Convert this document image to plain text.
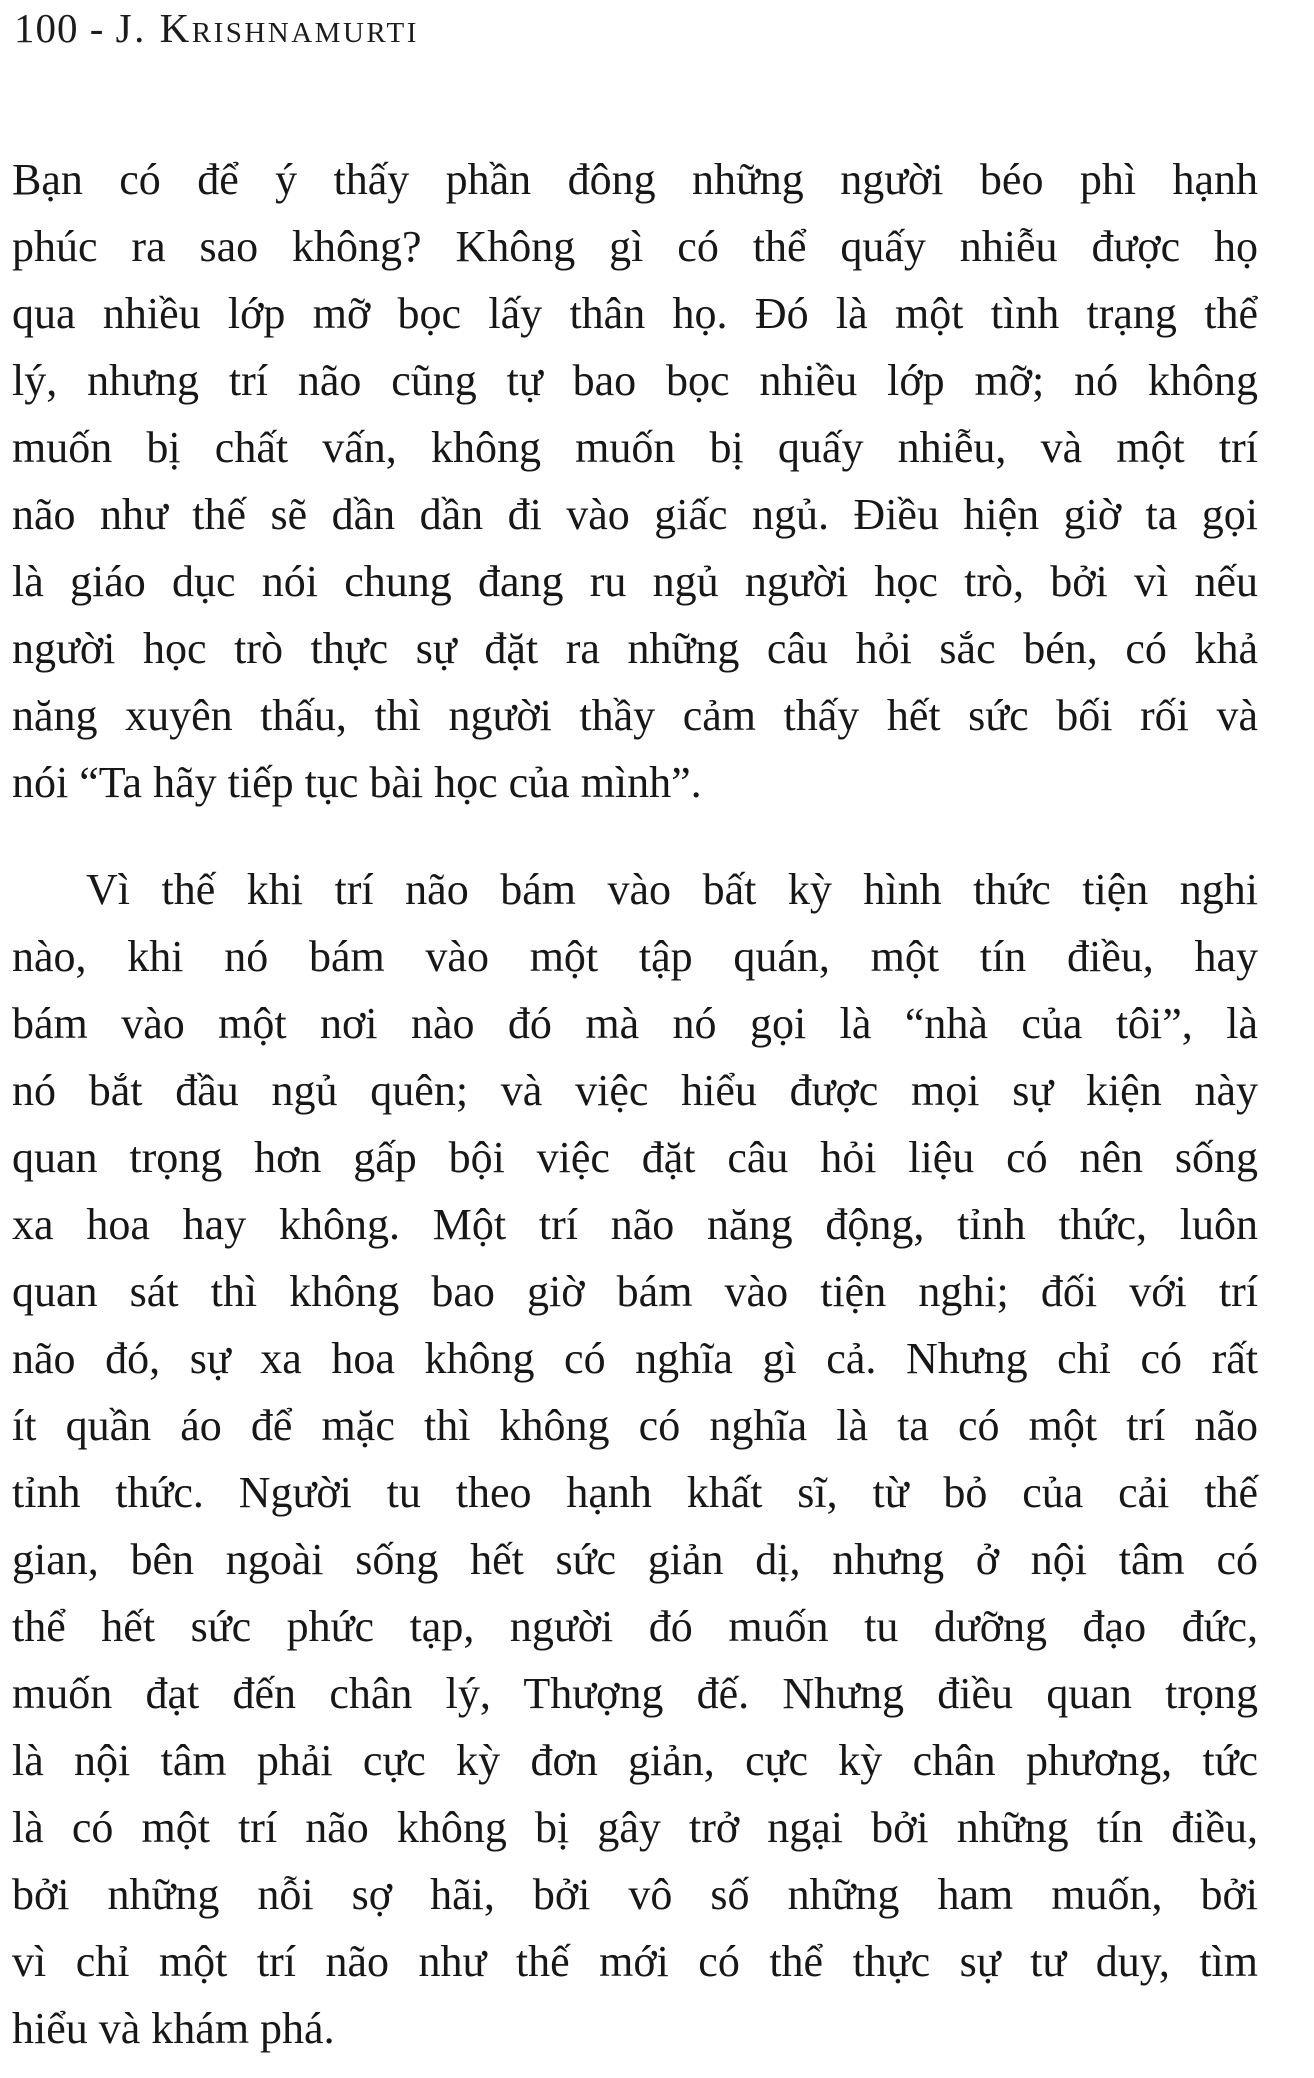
100 - J. Krishnamurti
Bạn có để ý thấy phần đông những người béo phì hạnh
phúc ra sao không? Không gì có thể quấy nhiễu được họ
qua nhiều lớp mỡ bọc lấy thân họ. Đó là một tình trạng thể
lý, nhưng trí não cũng tự bao bọc nhiều lớp mỡ; nó không
muốn bị chất vấn, không muốn bị quấy nhiễu, và một trí
não như thế sẽ dần dần đi vào giấc ngủ. Điều hiện giờ ta gọi
là giáo dục nói chung đang ru ngủ người học trò, bởi vì nếu
người học trò thực sự đặt ra những câu hỏi sắc bén, có khả
năng xuyên thấu, thì người thầy cảm thấy hết sức bối rối và
nói “Ta hãy tiếp tục bài học của mình”.
Vì thế khi trí não bám vào bất kỳ hình thức tiện nghi
nào, khi nó bám vào một tập quán, một tín điều, hay
bám vào một nơi nào đó mà nó gọi là “nhà của tôi”, là
nó bắt đầu ngủ quên; và việc hiểu được mọi sự kiện này
quan trọng hơn gấp bội việc đặt câu hỏi liệu có nên sống
xa hoa hay không. Một trí não năng động, tỉnh thức, luôn
quan sát thì không bao giờ bám vào tiện nghi; đối với trí
não đó, sự xa hoa không có nghĩa gì cả. Nhưng chỉ có rất
ít quần áo để mặc thì không có nghĩa là ta có một trí não
tỉnh thức. Người tu theo hạnh khất sĩ, từ bỏ của cải thế
gian, bên ngoài sống hết sức giản dị, nhưng ở nội tâm có
thể hết sức phức tạp, người đó muốn tu dưỡng đạo đức,
muốn đạt đến chân lý, Thượng đế. Nhưng điều quan trọng
là nội tâm phải cực kỳ đơn giản, cực kỳ chân phương, tức
là có một trí não không bị gây trở ngại bởi những tín điều,
bởi những nỗi sợ hãi, bởi vô số những ham muốn, bởi
vì chỉ một trí não như thế mới có thể thực sự tư duy, tìm
hiểu và khám phá.
